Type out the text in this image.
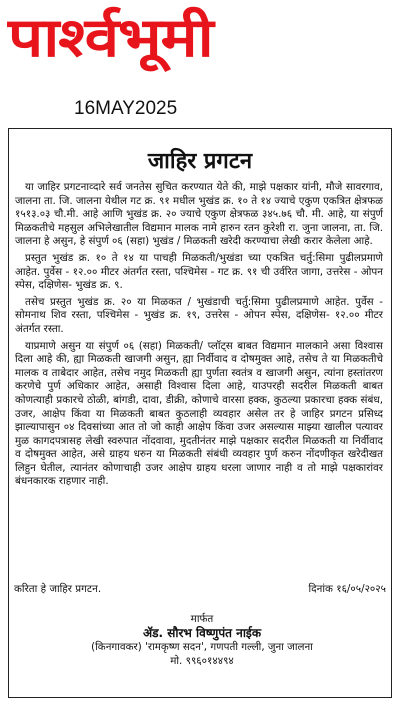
पार्श्वभूमी
16MAY2025
जाहिर प्रगटन

या जाहिर प्रगटनाव्दारे सर्व जनतेस सुचित करण्यात येते की, माझे पक्षकार यांनी, मौजे सावरगाव, जालना ता. जि. जालना येथील गट क्र. ९१ मधील भुखंड क्र. १० ते १४ ज्याचे एकुण एकत्रित क्षेत्रफळ १५१३.०३ चौ.मी. आहे आणि भुखंड क्र. २० ज्याचे एकुण क्षेत्रफळ ३४५.७६ चौ. मी. आहे, या संपुर्ण मिळकतीचे महसुल अभिलेखातील विद्यमान मालक नामे हारुन रतन कुरेशी रा. जुना जालना, ता. जि. जालना हे असुन, हे संपुर्ण ०६ (सहा) भुखंड / मिळकती खरेदी करण्याचा लेखी करार केलेला आहे.

प्रस्तुत भुखंड क्र. १० ते १४ या पाचही मिळकती/भुखंडा च्या एकत्रित चर्तु:सिमा पुढीलप्रमाणे आहेत. पुर्वेस - १२.०० मीटर अंतर्गत रस्ता, पश्चिमेस - गट क्र. ९१ ची उर्वरित जागा, उत्तरेस - ओपन स्पेस, दक्षिणेस- भुखंड क्र. ९.

तसेच प्रस्तुत भुखंड क्र. २० या मिळकत / भुखंडाची चर्तु:सिमा पुढीलप्रमाणे आहेत. पुर्वेस - सोमनाथ शिव रस्ता, पश्चिमेस - भुखंड क्र. १९, उत्तरेस - ओपन स्पेस, दक्षिणेस- १२.०० मीटर अंतर्गत रस्ता.

याप्रमाणे असुन या संपुर्ण ०६ (सहा) मिळकती/ प्लॉट्स बाबत विद्यमान मालकाने असा विश्वास दिला आहे की, ह्या मिळकती खाजगी असुन, ह्या निर्वीवाद व दोषमुक्त आहे, तसेच ते या मिळकतीचे मालक व ताबेदार आहेत, तसेच नमुद मिळकती ह्या पुर्णता स्वतंत्र व खाजगी असुन, त्यांना हस्तांतरण करणेचे पुर्ण अधिकार आहेत, असाही विश्वास दिला आहे, याउपरही सदरील मिळकती बाबत कोणत्याही प्रकारचे ठोळी, बांगडी, दावा, डीक्री, कोणाचे वारसा हक्क, कुठल्या प्रकारचा हक्क संबंध, उजर, आक्षेप किंवा या मिळकती बाबत कुठलाही व्यवहार असेल तर हे जाहिर प्रगटन प्रसिध्द झाल्यापासुन ०४ दिवसांच्या आत तो जो काही आक्षेप किंवा उजर असल्यास माझ्या खालील पत्यावर मुळ कागदपत्रासह लेखी स्वरुपात नोंदवावा, मुदतीनंतर माझे पक्षकार सदरील मिळकती या निर्वीवाद व दोषमुक्त आहेत, असे ग्राहय धरुन या मिळकती संबंधी व्यवहार पुर्ण करुन नोंदणीकृत खरेदीखत लिहुन घेतील, त्यानंतर कोणाचाही उजर आक्षेप ग्राहय धरला जाणार नाही व तो माझे पक्षकारांवर बंधनकारक राहणार नाही.

करिता हे जाहिर प्रगटन.	दिनांक १६/०५/२०२५
मार्फत
ॲड. सौरभ विष्णुपंत नाईक
(किनगावकर) 'रामकृष्ण सदन', गणपती गल्ली, जुना जालना
मो. ९९६०१४४९४
